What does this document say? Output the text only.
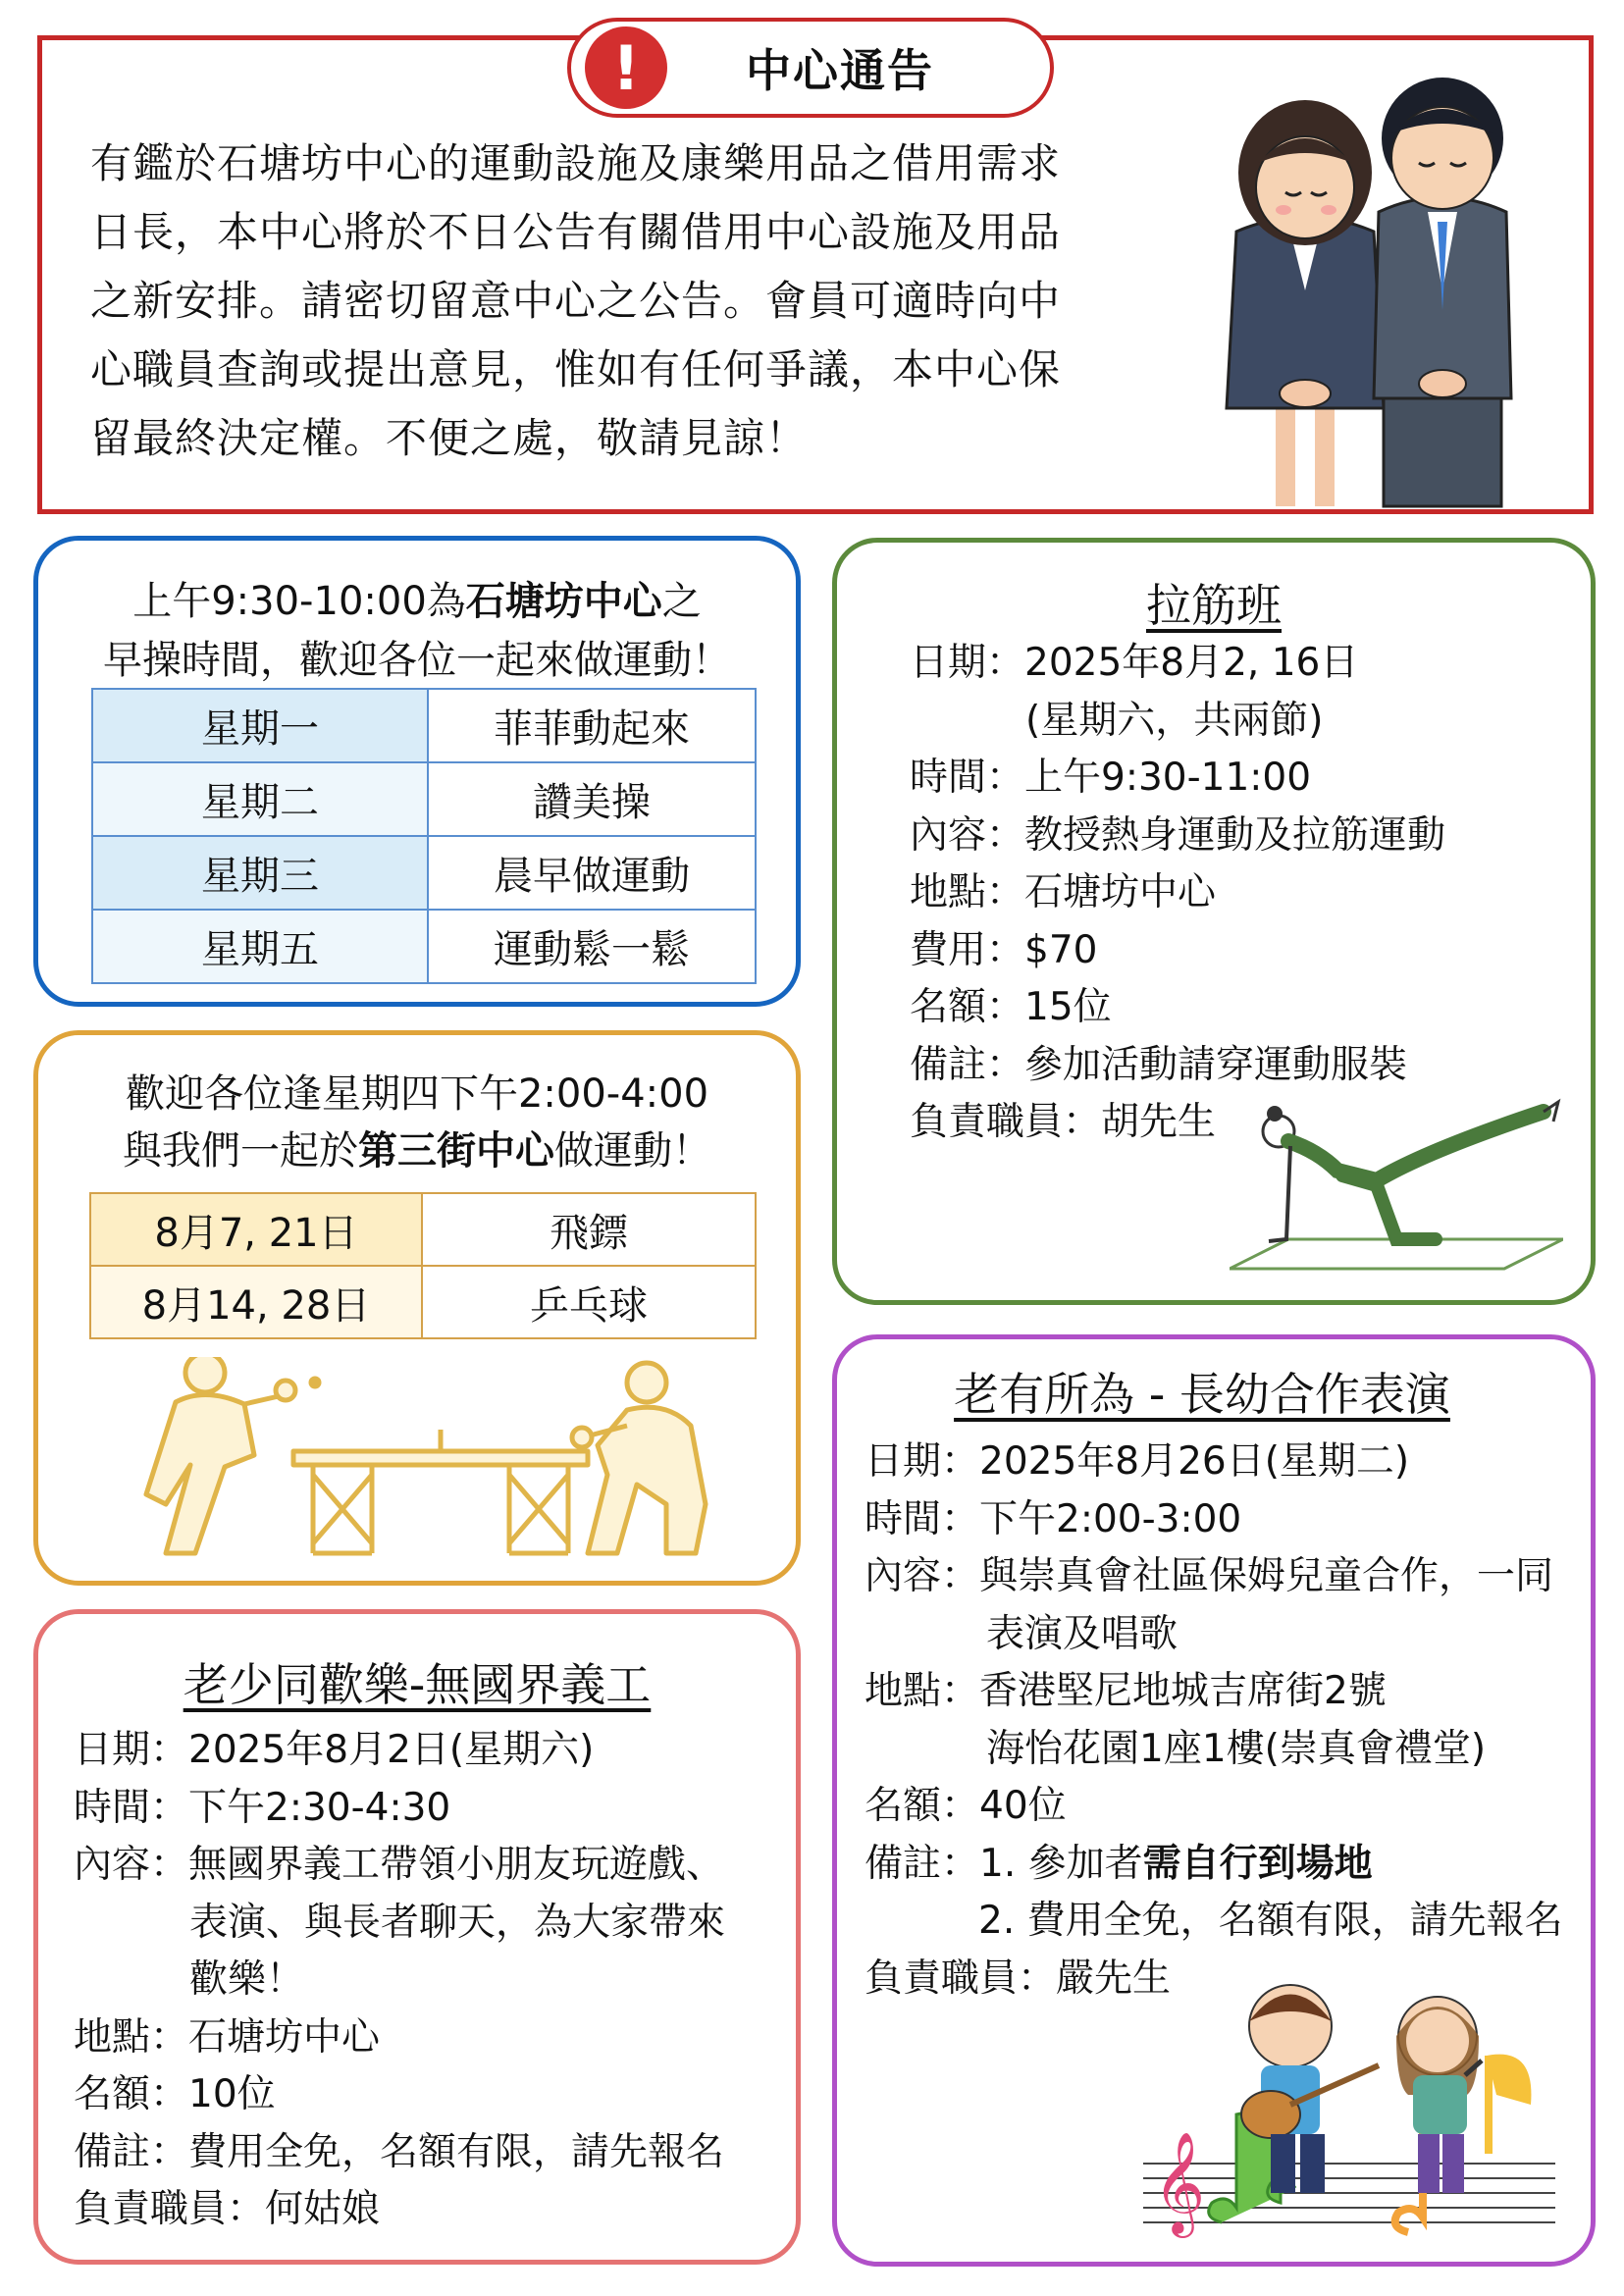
!	中心通告
有鑑於石塘坊中心的運動設施及康樂用品之借用需求
日長，本中心將於不日公告有關借用中心設施及用品
之新安排。請密切留意中心之公告。會員可適時向中
心職員查詢或提出意見，惟如有任何爭議，本中心保
留最終決定權。不便之處，敬請見諒！
上午9:30-10:00為石塘坊中心之
早操時間，歡迎各位一起來做運動！
星期一	菲菲動起來
星期二	讚美操
星期三	晨早做運動
星期五	運動鬆一鬆
歡迎各位逢星期四下午2:00-4:00
與我們一起於第三街中心做運動！
8月7, 21日	飛鏢
8月14, 28日	乒乓球
老少同歡樂-無國界義工
日期： 2025年8月2日(星期六)
時間： 下午2:30-4:30
內容： 無國界義工帶領小朋友玩遊戲、
表演、與長者聊天，為大家帶來
歡樂！
地點： 石塘坊中心
名額： 10位
備註： 費用全免，名額有限，請先報名
負責職員： 何姑娘
拉筋班
日期： 2025年8月2, 16日
(星期六，共兩節)
時間： 上午9:30-11:00
內容： 教授熱身運動及拉筋運動
地點： 石塘坊中心
費用： $70
名額： 15位
備註： 參加活動請穿運動服裝
負責職員： 胡先生
老有所為 - 長幼合作表演
日期： 2025年8月26日(星期二)
時間： 下午2:00-3:00
內容： 與崇真會社區保姆兒童合作，一同
表演及唱歌
地點： 香港堅尼地城吉席街2號
海怡花園1座1樓(崇真會禮堂)
名額： 40位
備註： 1. 參加者 需自行到場地
2. 費用全免，名額有限，請先報名
負責職員： 嚴先生
𝄞
